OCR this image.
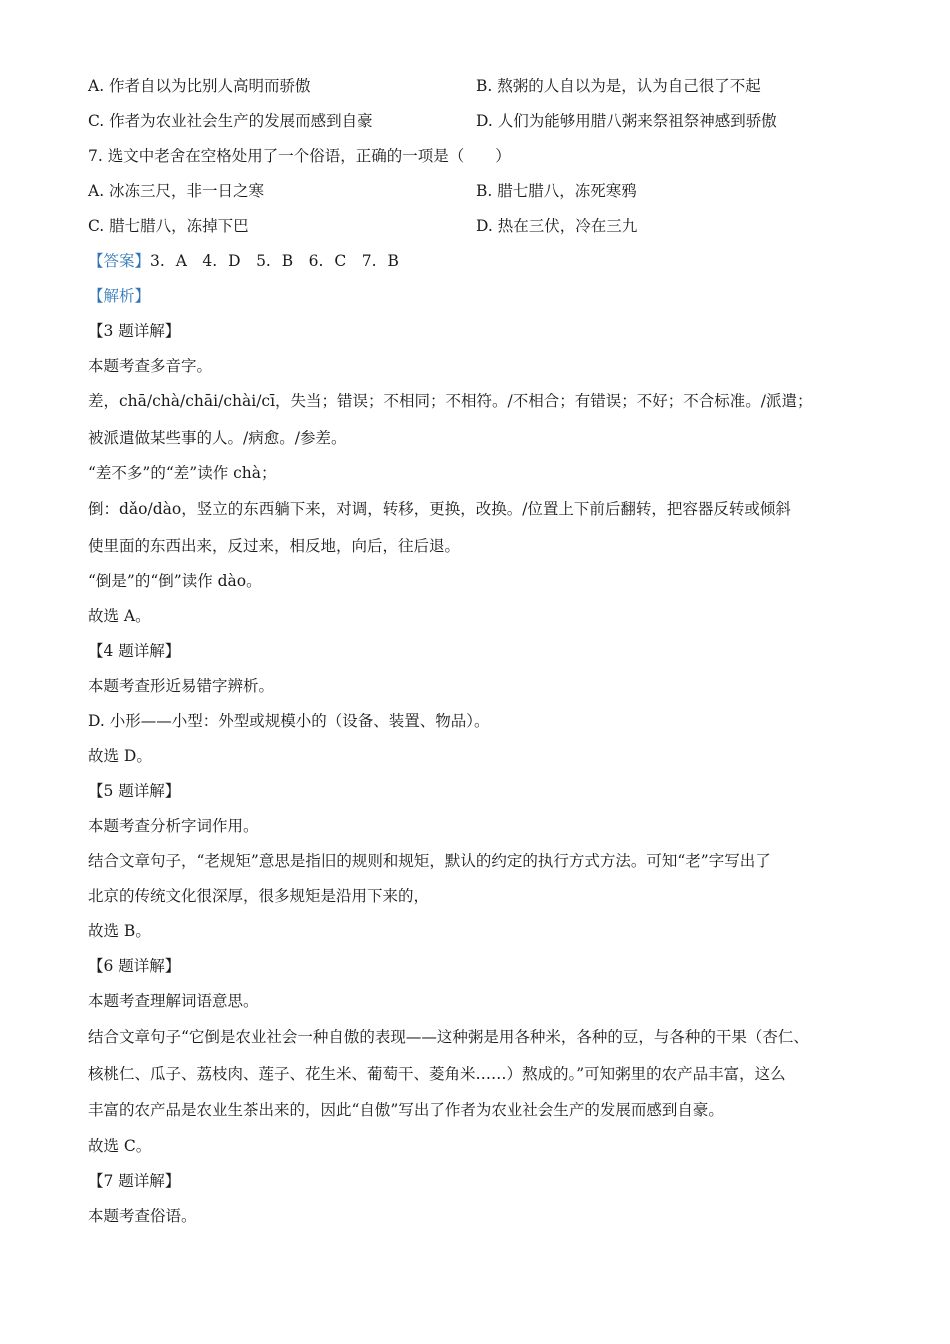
A. 作者自以为比别人高明而骄傲	B. 熬粥的人自以为是，认为自己很了不起
C. 作者为农业社会生产的发展而感到自豪	D. 人们为能够用腊八粥来祭祖祭神感到骄傲
7. 选文中老舍在空格处用了一个俗语，正确的一项是（　　）
A. 冰冻三尺，非一日之寒	B. 腊七腊八，冻死寒鸦
C. 腊七腊八，冻掉下巴	D. 热在三伏，冷在三九
【答案】3. A　4. D　5. B　6. C　7. B
【解析】
【3 题详解】
本题考查多音字。
差，chā/chà/chāi/chài/cī，失当；错误；不相同；不相符。/不相合；有错误；不好；不合标准。/派遣；
被派遣做某些事的人。/病愈。/参差。
“差不多”的“差”读作 chà；
倒：dǎo/dào，竖立的东西躺下来，对调，转移，更换，改换。/位置上下前后翻转，把容器反转或倾斜
使里面的东西出来，反过来，相反地，向后，往后退。
“倒是”的“倒”读作 dào。
故选 A。
【4 题详解】
本题考查形近易错字辨析。
D. 小形——小型：外型或规模小的（设备、装置、物品）。
故选 D。
【5 题详解】
本题考查分析字词作用。
结合文章句子，“老规矩”意思是指旧的规则和规矩，默认的约定的执行方式方法。可知“老”字写出了
北京的传统文化很深厚，很多规矩是沿用下来的，
故选 B。
【6 题详解】
本题考查理解词语意思。
结合文章句子“它倒是农业社会一种自傲的表现——这种粥是用各种米，各种的豆，与各种的干果（杏仁、
核桃仁、瓜子、荔枝肉、莲子、花生米、葡萄干、菱角米……）熬成的。”可知粥里的农产品丰富，这么
丰富的农产品是农业生茶出来的，因此“自傲”写出了作者为农业社会生产的发展而感到自豪。
故选 C。
【7 题详解】
本题考查俗语。
